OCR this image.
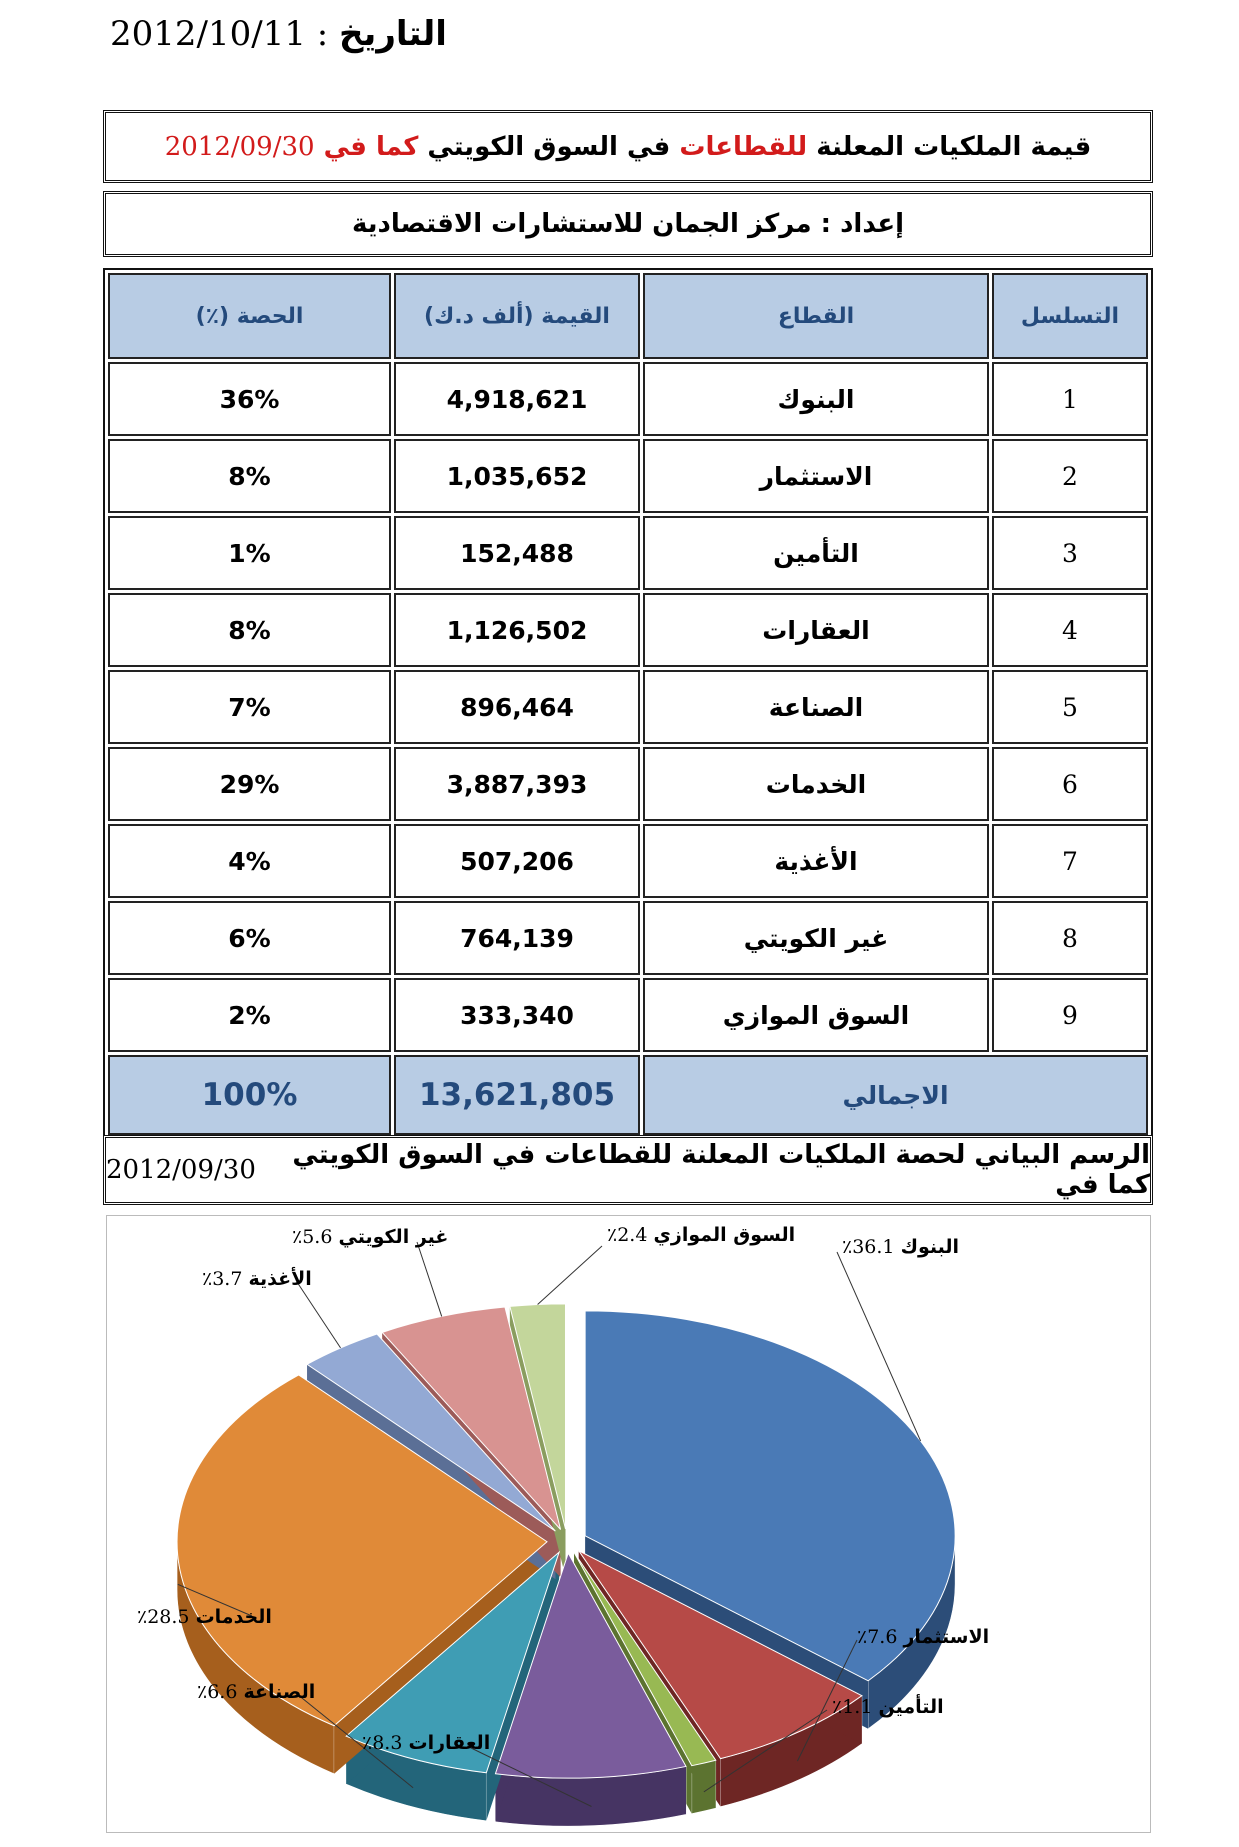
التاريخ : 2012/10/11
قيمة الملكيات المعلنة

للقطاعات

في السوق الكويتي

كما في

2012/09/30
إعداد
:
مركز الجمان للاستشارات الاقتصادية
التسلسل	القطاع	القيمة (ألف د.ك)	الحصة (٪)
1	البنوك	4,918,621	36%
2	الاستثمار	1,035,652	8%
3	التأمين	152,488	1%
4	العقارات	1,126,502	8%
5	الصناعة	896,464	7%
6	الخدمات	3,887,393	29%
7	الأغذية	507,206	4%
8	غير الكويتي	764,139	6%
9	السوق الموازي	333,340	2%
الاجمالي		13,621,805	100%
الرسم البياني لحصة الملكيات المعلنة للقطاعات في السوق الكويتي كما في

2012/09/30
البنوك 36.1٪
الاستثمار 7.6٪
التأمين 1.1٪
العقارات 8.3٪
الصناعة 6.6٪
الخدمات 28.5٪
الأغذية 3.7٪
غير الكويتي 5.6٪	السوق الموازي 2.4٪
